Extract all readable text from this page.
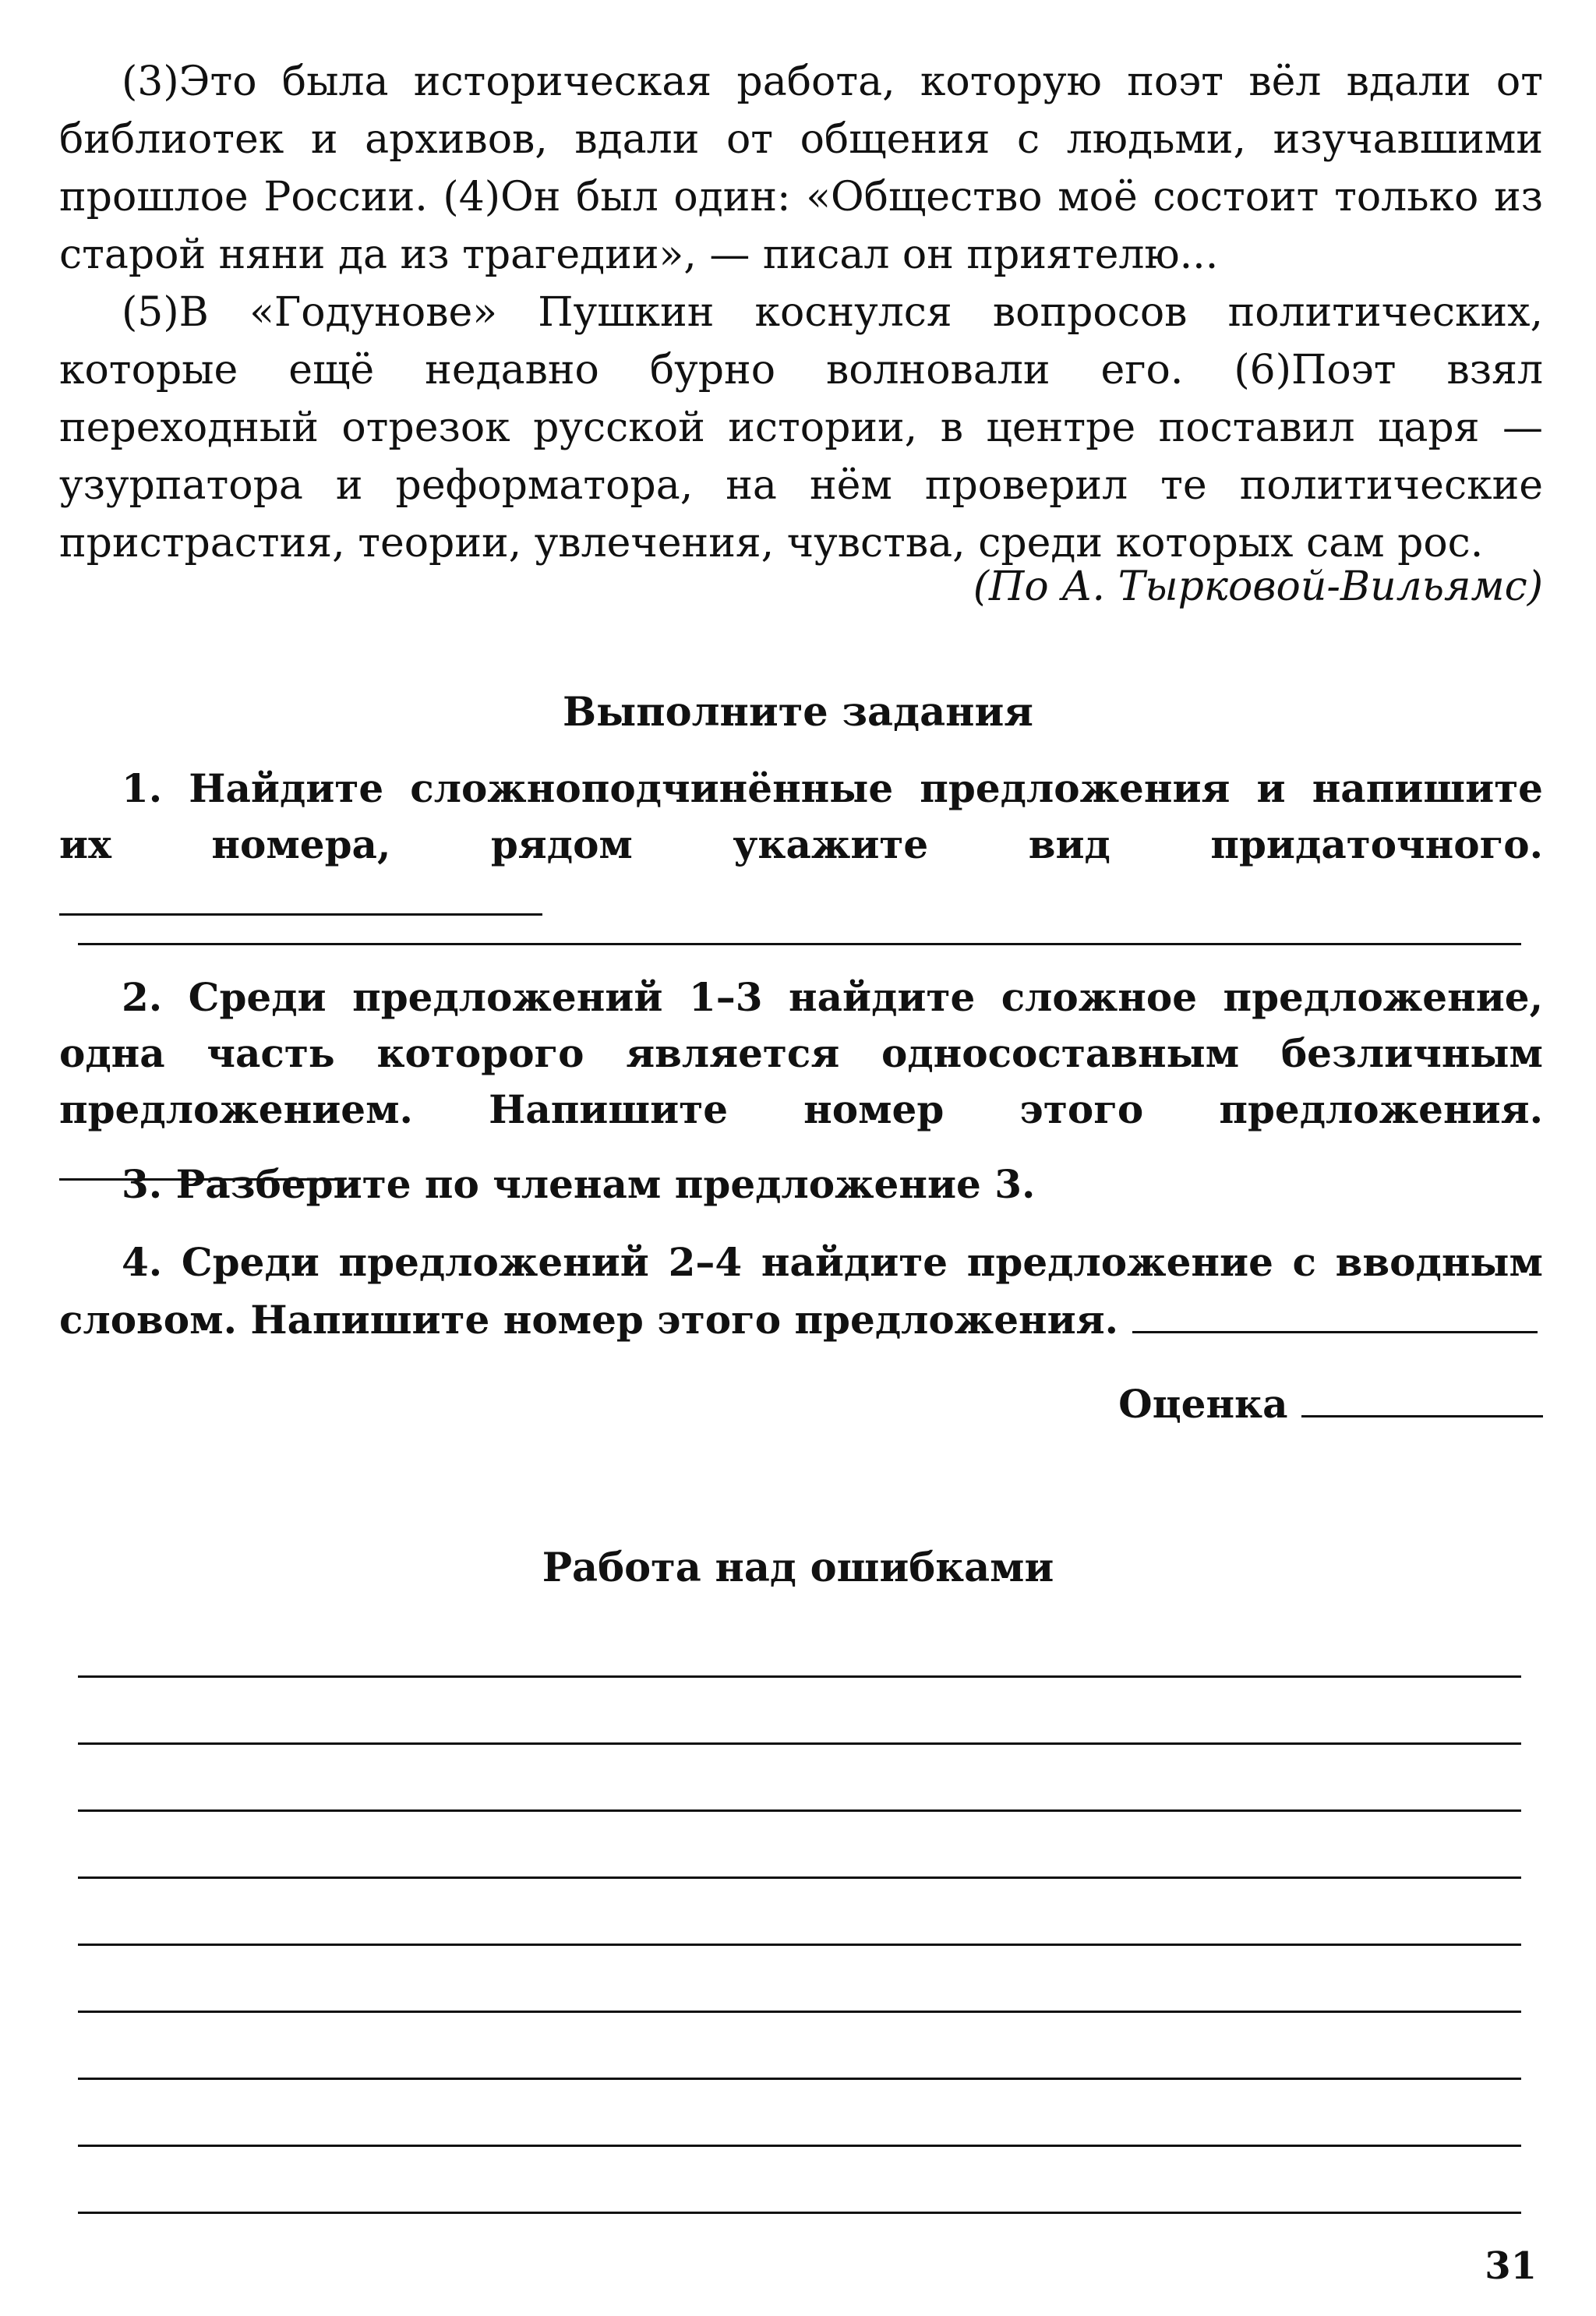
(3)Это была историческая работа, которую поэт вёл вдали от библиотек и архивов, вдали от общения с людьми, изучавшими прошлое России. (4)Он был один: «Общество моё состоит только из старой няни да из трагедии», — писал он приятелю...

(5)В «Годунове» Пушкин коснулся вопросов политических, которые ещё недавно бурно волновали его. (6)Поэт взял переходный отрезок русской истории, в центре поставил царя — узурпатора и реформатора, на нём проверил те политические пристрастия, теории, увлечения, чувства, среди которых сам рос.

(По А. Тырковой-Вильямс)
Выполните задания

1. Найдите сложноподчинённые предложения и напишите их номера, рядом укажите вид придаточного.

2. Среди предложений 1–3 найдите сложное предложение, одна часть которого является односоставным безличным предложением. Напишите номер этого предложения.

3. Разберите по членам предложение 3.

4. Среди предложений 2–4 найдите предложение с вводным словом. Напишите номер этого предложения.

Оценка
Работа над ошибками
31
